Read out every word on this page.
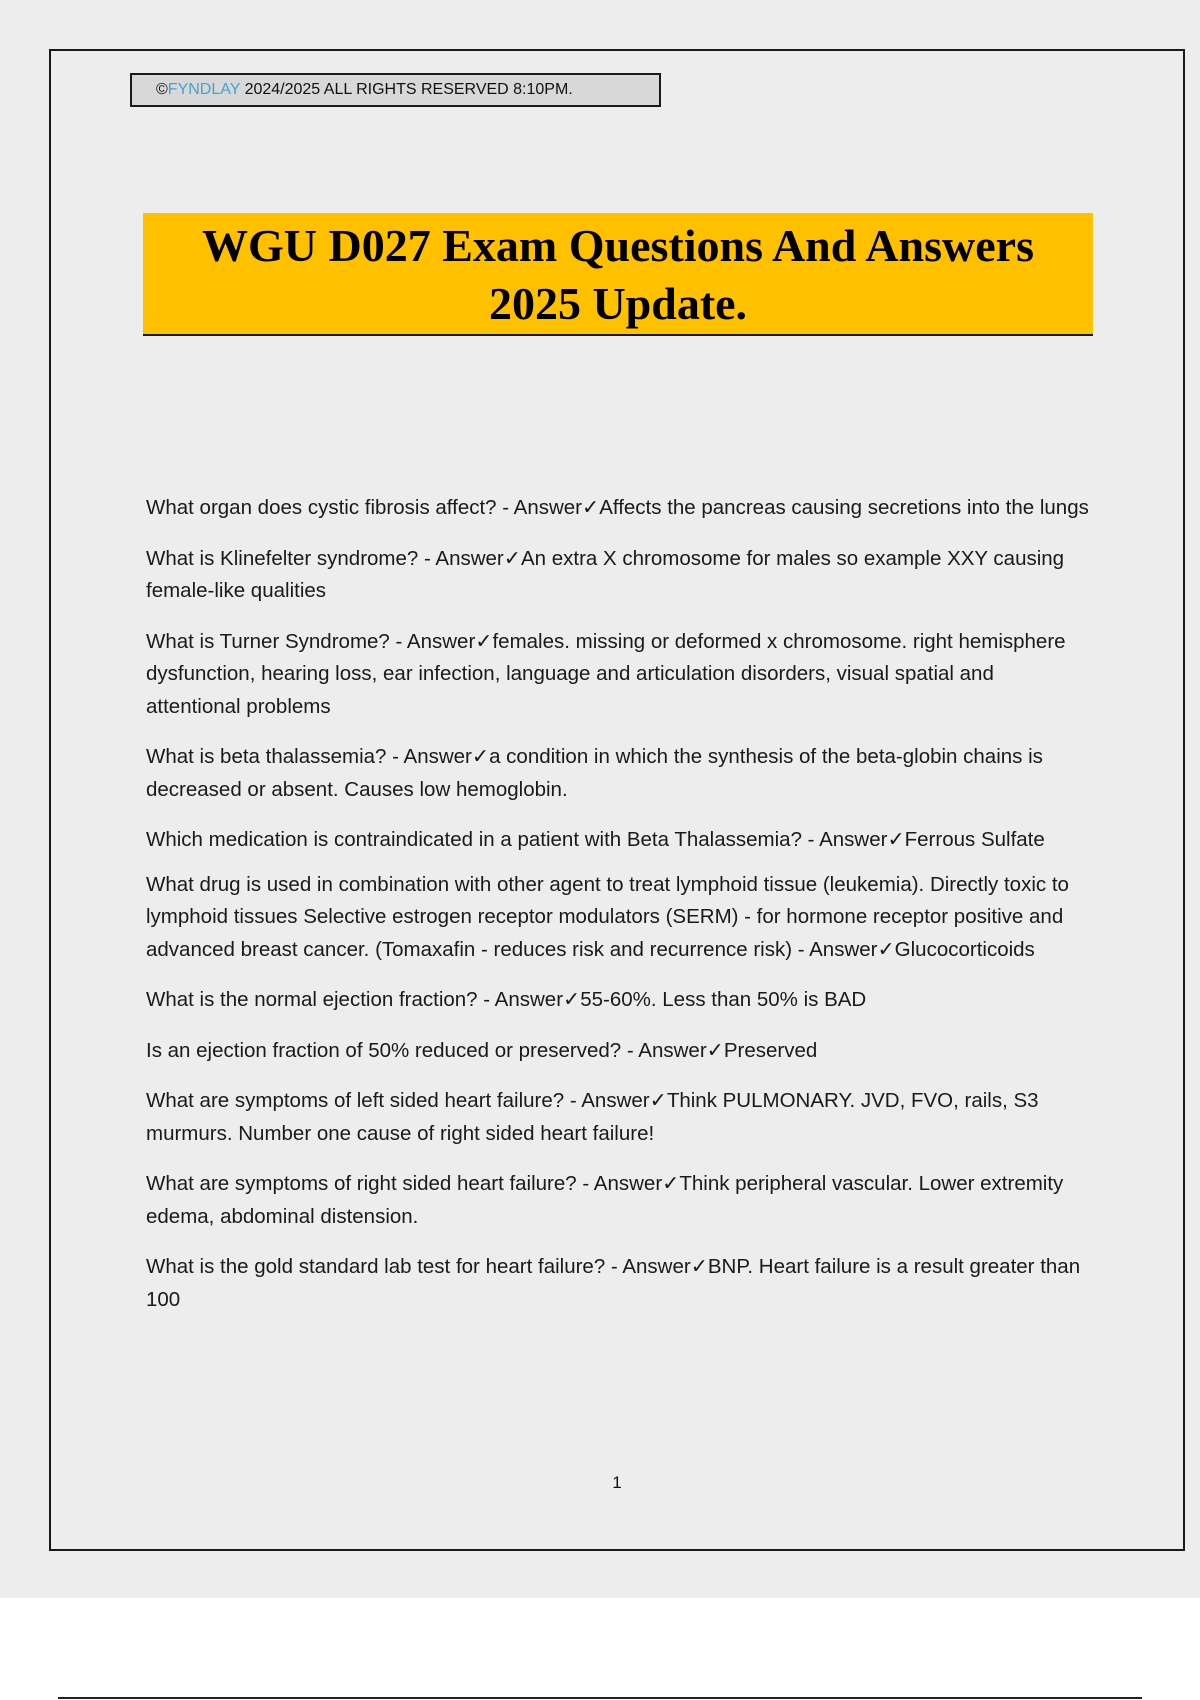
©FYNDLAY 2024/2025 ALL RIGHTS RESERVED 8:10PM.
WGU D027 Exam Questions And Answers
2025 Update.
What organ does cystic fibrosis affect? - Answer✓Affects the pancreas causing secretions into the lungs
What is Klinefelter syndrome? - Answer✓An extra X chromosome for males so example XXY causing female-like qualities
What is Turner Syndrome? - Answer✓females. missing or deformed x chromosome. right hemisphere dysfunction, hearing loss, ear infection, language and articulation disorders, visual spatial and attentional problems
What is beta thalassemia? - Answer✓a condition in which the synthesis of the beta-globin chains is decreased or absent. Causes low hemoglobin.
Which medication is contraindicated in a patient with Beta Thalassemia? - Answer✓Ferrous Sulfate
What drug is used in combination with other agent to treat lymphoid tissue (leukemia). Directly toxic to lymphoid tissues Selective estrogen receptor modulators (SERM) - for hormone receptor positive and advanced breast cancer. (Tomaxafin - reduces risk and recurrence risk) - Answer✓Glucocorticoids
What is the normal ejection fraction? - Answer✓55-60%. Less than 50% is BAD
Is an ejection fraction of 50% reduced or preserved? - Answer✓Preserved
What are symptoms of left sided heart failure? - Answer✓Think PULMONARY. JVD, FVO, rails, S3 murmurs. Number one cause of right sided heart failure!
What are symptoms of right sided heart failure? - Answer✓Think peripheral vascular. Lower extremity edema, abdominal distension.
What is the gold standard lab test for heart failure? - Answer✓BNP. Heart failure is a result greater than 100
1
